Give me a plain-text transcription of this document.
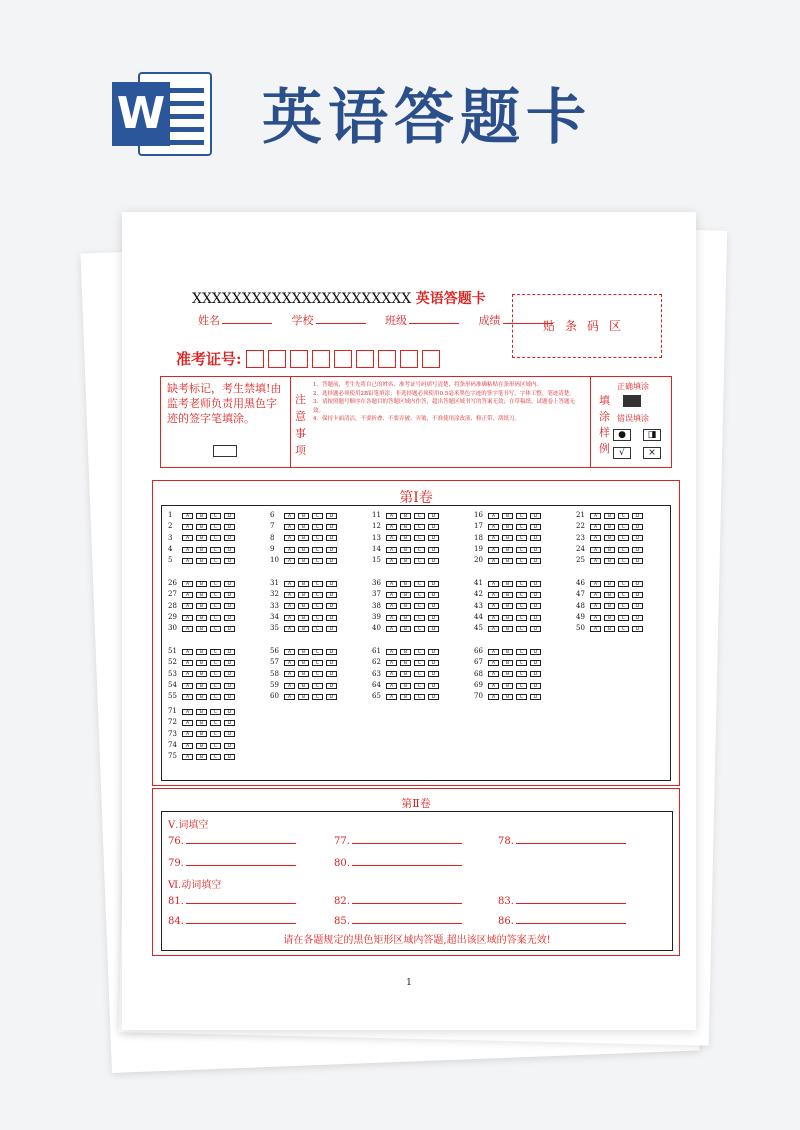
W 英语答题卡
XXXXXXXXXXXXXXXXXXXXXX 英语答题卡
姓名	学校	班级	成绩	贴条码区
准考证号:
缺考标记，考生禁填!由监考老师负责用黑色字迹的签字笔填涂。
注意事项
1．答题前，考生先将自己的姓名、准考证号码填写清楚，将条形码准确粘贴在条形码区域内。
2．选择题必须使用2B铅笔填涂；非选择题必须使用0.5毫米黑色字迹的签字笔书写，字体工整、笔迹清楚。
3．请按照题号顺序在各题目的答题区域内作答，超出答题区域书写的答案无效；在草稿纸、试题卷上答题无效。
4．保持卡面清洁，不要折叠、不要弄破、弄皱，不准使用涂改液、修正带、刮纸刀。
填涂样例
正确填涂
错误填涂
●	◨
√	×
第Ⅰ卷
1	A	B	C	D
2	A	B	C	D
3	A	B	C	D
4	A	B	C	D
5	A	B	C	D
6	A	B	C	D
7	A	B	C	D
8	A	B	C	D
9	A	B	C	D
10	A	B	C	D
11	A	B	C	D
12	A	B	C	D
13	A	B	C	D
14	A	B	C	D
15	A	B	C	D
16	A	B	C	D
17	A	B	C	D
18	A	B	C	D
19	A	B	C	D
20	A	B	C	D
21	A	B	C	D
22	A	B	C	D
23	A	B	C	D
24	A	B	C	D
25	A	B	C	D
26	A	B	C	D
27	A	B	C	D
28	A	B	C	D
29	A	B	C	D
30	A	B	C	D
31	A	B	C	D
32	A	B	C	D
33	A	B	C	D
34	A	B	C	D
35	A	B	C	D
36	A	B	C	D
37	A	B	C	D
38	A	B	C	D
39	A	B	C	D
40	A	B	C	D
41	A	B	C	D
42	A	B	C	D
43	A	B	C	D
44	A	B	C	D
45	A	B	C	D
46	A	B	C	D
47	A	B	C	D
48	A	B	C	D
49	A	B	C	D
50	A	B	C	D
51	A	B	C	D
52	A	B	C	D
53	A	B	C	D
54	A	B	C	D
55	A	B	C	D
56	A	B	C	D
57	A	B	C	D
58	A	B	C	D
59	A	B	C	D
60	A	B	C	D
61	A	B	C	D
62	A	B	C	D
63	A	B	C	D
64	A	B	C	D
65	A	B	C	D
66	A	B	C	D
67	A	B	C	D
68	A	B	C	D
69	A	B	C	D
70	A	B	C	D
71	A	B	C	D
72	A	B	C	D
73	A	B	C	D
74	A	B	C	D
75	A	B	C	D
第Ⅱ卷
Ⅴ.词填空
76.	77.	78.
79.	80.
Ⅵ.动词填空
81.	82.	83.
84.	85.	86.
请在各题规定的黑色矩形区域内答题,超出该区域的答案无效!
1
